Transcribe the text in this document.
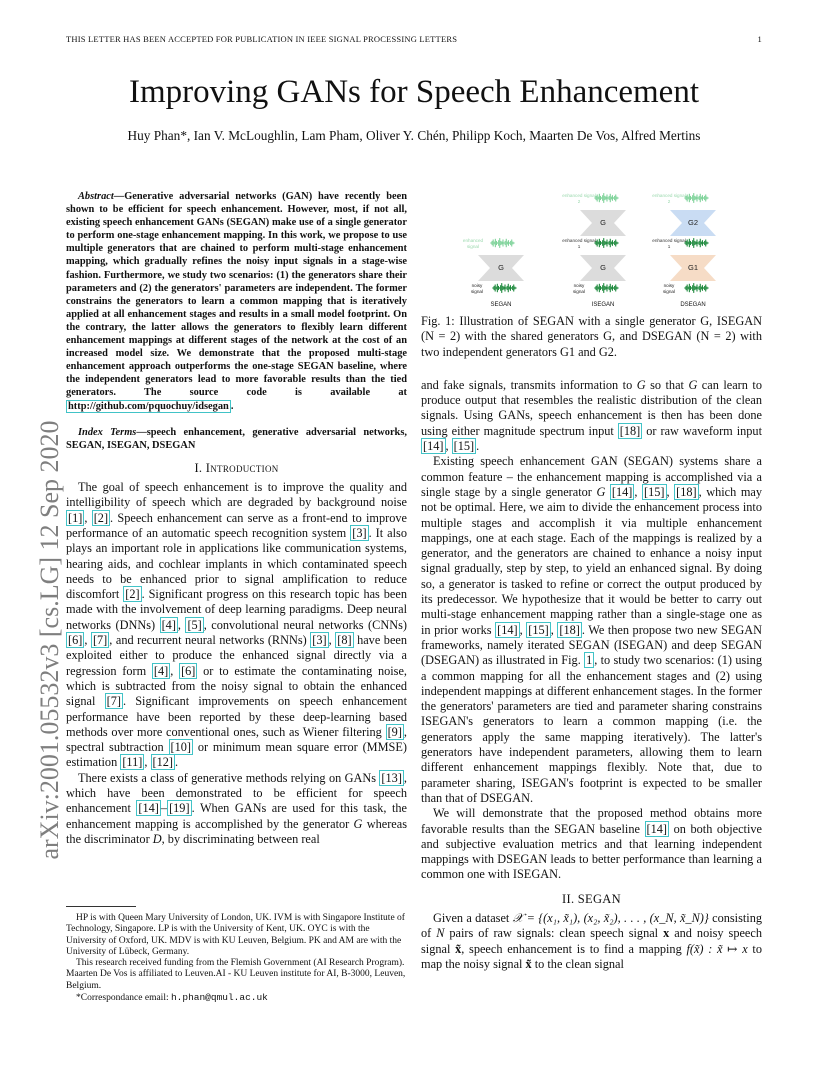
THIS LETTER HAS BEEN ACCEPTED FOR PUBLICATION IN IEEE SIGNAL PROCESSING LETTERS	1
Improving GANs for Speech Enhancement
Huy Phan*, Ian V. McLoughlin, Lam Pham, Oliver Y. Chén, Philipp Koch, Maarten De Vos, Alfred Mertins
arXiv:2001.05532v3 [cs.LG] 12 Sep 2020

Abstract—Generative adversarial networks (GAN) have recently been shown to be efficient for speech enhancement. However, most, if not all, existing speech enhancement GANs (SEGAN) make use of a single generator to perform one-stage enhancement mapping. In this work, we propose to use multiple generators that are chained to perform multi-stage enhancement mapping, which gradually refines the noisy input signals in a stage-wise fashion. Furthermore, we study two scenarios: (1) the generators share their parameters and (2) the generators' parameters are independent. The former constrains the generators to learn a common mapping that is iteratively applied at all enhancement stages and results in a small model footprint. On the contrary, the latter allows the generators to flexibly learn different enhancement mappings at different stages of the network at the cost of an increased model size. We demonstrate that the proposed multi-stage enhancement approach outperforms the one-stage SEGAN baseline, where the independent generators lead to more favorable results than the tied generators. The source code is available at http://github.com/pquochuy/idsegan .

Index Terms—speech enhancement, generative adversarial networks, SEGAN, ISEGAN, DSEGAN
I. Introduction

The goal of speech enhancement is to improve the quality and intelligibility of speech which are degraded by background noise [1] , [2] . Speech enhancement can serve as a front-end to improve performance of an automatic speech recognition system [3] . It also plays an important role in applications like communication systems, hearing aids, and cochlear implants in which contaminated speech needs to be enhanced prior to signal amplification to reduce discomfort [2] . Significant progress on this research topic has been made with the involvement of deep learning paradigms. Deep neural networks (DNNs) [4] , [5] , convolutional neural networks (CNNs) [6] , [7] , and recurrent neural networks (RNNs) [3] , [8] have been exploited either to produce the enhanced signal directly via a regression form [4] , [6] or to estimate the contaminating noise, which is subtracted from the noisy signal to obtain the enhanced signal [7] . Significant improvements on speech enhancement performance have been reported by these deep-learning based methods over more conventional ones, such as Wiener filtering [9] , spectral subtraction [10] or minimum mean square error (MMSE) estimation [11] , [12] .

There exists a class of generative methods relying on GANs [13] , which have been demonstrated to be efficient for speech enhancement [14] – [19] . When GANs are used for this task, the enhancement mapping is accomplished by the generator G whereas the discriminator D, by discriminating between real

HP is with Queen Mary University of London, UK. IVM is with Singapore Institute of Technology, Singapore. LP is with the University of Kent, UK. OYC is with the University of Oxford, UK. MDV is with KU Leuven, Belgium. PK and AM are with the University of Lübeck, Germany.

This research received funding from the Flemish Government (AI Research Program). Maarten De Vos is affiliated to Leuven.AI - KU Leuven institute for AI, B-3000, Leuven, Belgium.

*Correspondance email: h.phan@qmul.ac.uk

noisy signal
noisy signal
noisy signal
G
enhanced signal
G
G
enhanced signal 1
enhanced signal 2
G1
G2
enhanced signal 1
enhanced signal 2
SEGAN	ISEGAN	DSEGAN
Fig. 1: Illustration of SEGAN with a single generator G, ISEGAN (N = 2) with the shared generators G, and DSEGAN (N = 2) with two independent generators G1 and G2.

and fake signals, transmits information to G so that G can learn to produce output that resembles the realistic distribution of the clean signals. Using GANs, speech enhancement is then has been done using either magnitude spectrum input [18] or raw waveform input [14] , [15] .

Existing speech enhancement GAN (SEGAN) systems share a common feature – the enhancement mapping is accomplished via a single stage by a single generator G [14] , [15] , [18] , which may not be optimal. Here, we aim to divide the enhancement process into multiple stages and accomplish it via multiple enhancement mappings, one at each stage. Each of the mappings is realized by a generator, and the generators are chained to enhance a noisy input signal gradually, step by step, to yield an enhanced signal. By doing so, a generator is tasked to refine or correct the output produced by its predecessor. We hypothesize that it would be better to carry out multi-stage enhancement mapping rather than a single-stage one as in prior works [14] , [15] , [18] . We then propose two new SEGAN frameworks, namely iterated SEGAN (ISEGAN) and deep SEGAN (DSEGAN) as illustrated in Fig. 1 , to study two scenarios: (1) using a common mapping for all the enhancement stages and (2) using independent mappings at different enhancement stages. In the former the generators' parameters are tied and parameter sharing constrains ISEGAN's generators to learn a common mapping (i.e. the generators apply the same mapping iteratively). The latter's generators have independent parameters, allowing them to learn different enhancement mappings flexibly. Note that, due to parameter sharing, ISEGAN's footprint is expected to be smaller than that of DSEGAN.

We will demonstrate that the proposed method obtains more favorable results than the SEGAN baseline [14] on both objective and subjective evaluation metrics and that learning independent mappings with DSEGAN leads to better performance than learning a common one with ISEGAN.

II. SEGAN

Given a dataset 𝒳 = {(x₁, x̃₁), (x₂, x̃₂), . . . , (x_N, x̃_N)} consisting of N pairs of raw signals: clean speech signal x and noisy speech signal x̃, speech enhancement is to find a mapping f(x̃) : x̃ ↦ x to map the noisy signal x̃ to the clean signal
